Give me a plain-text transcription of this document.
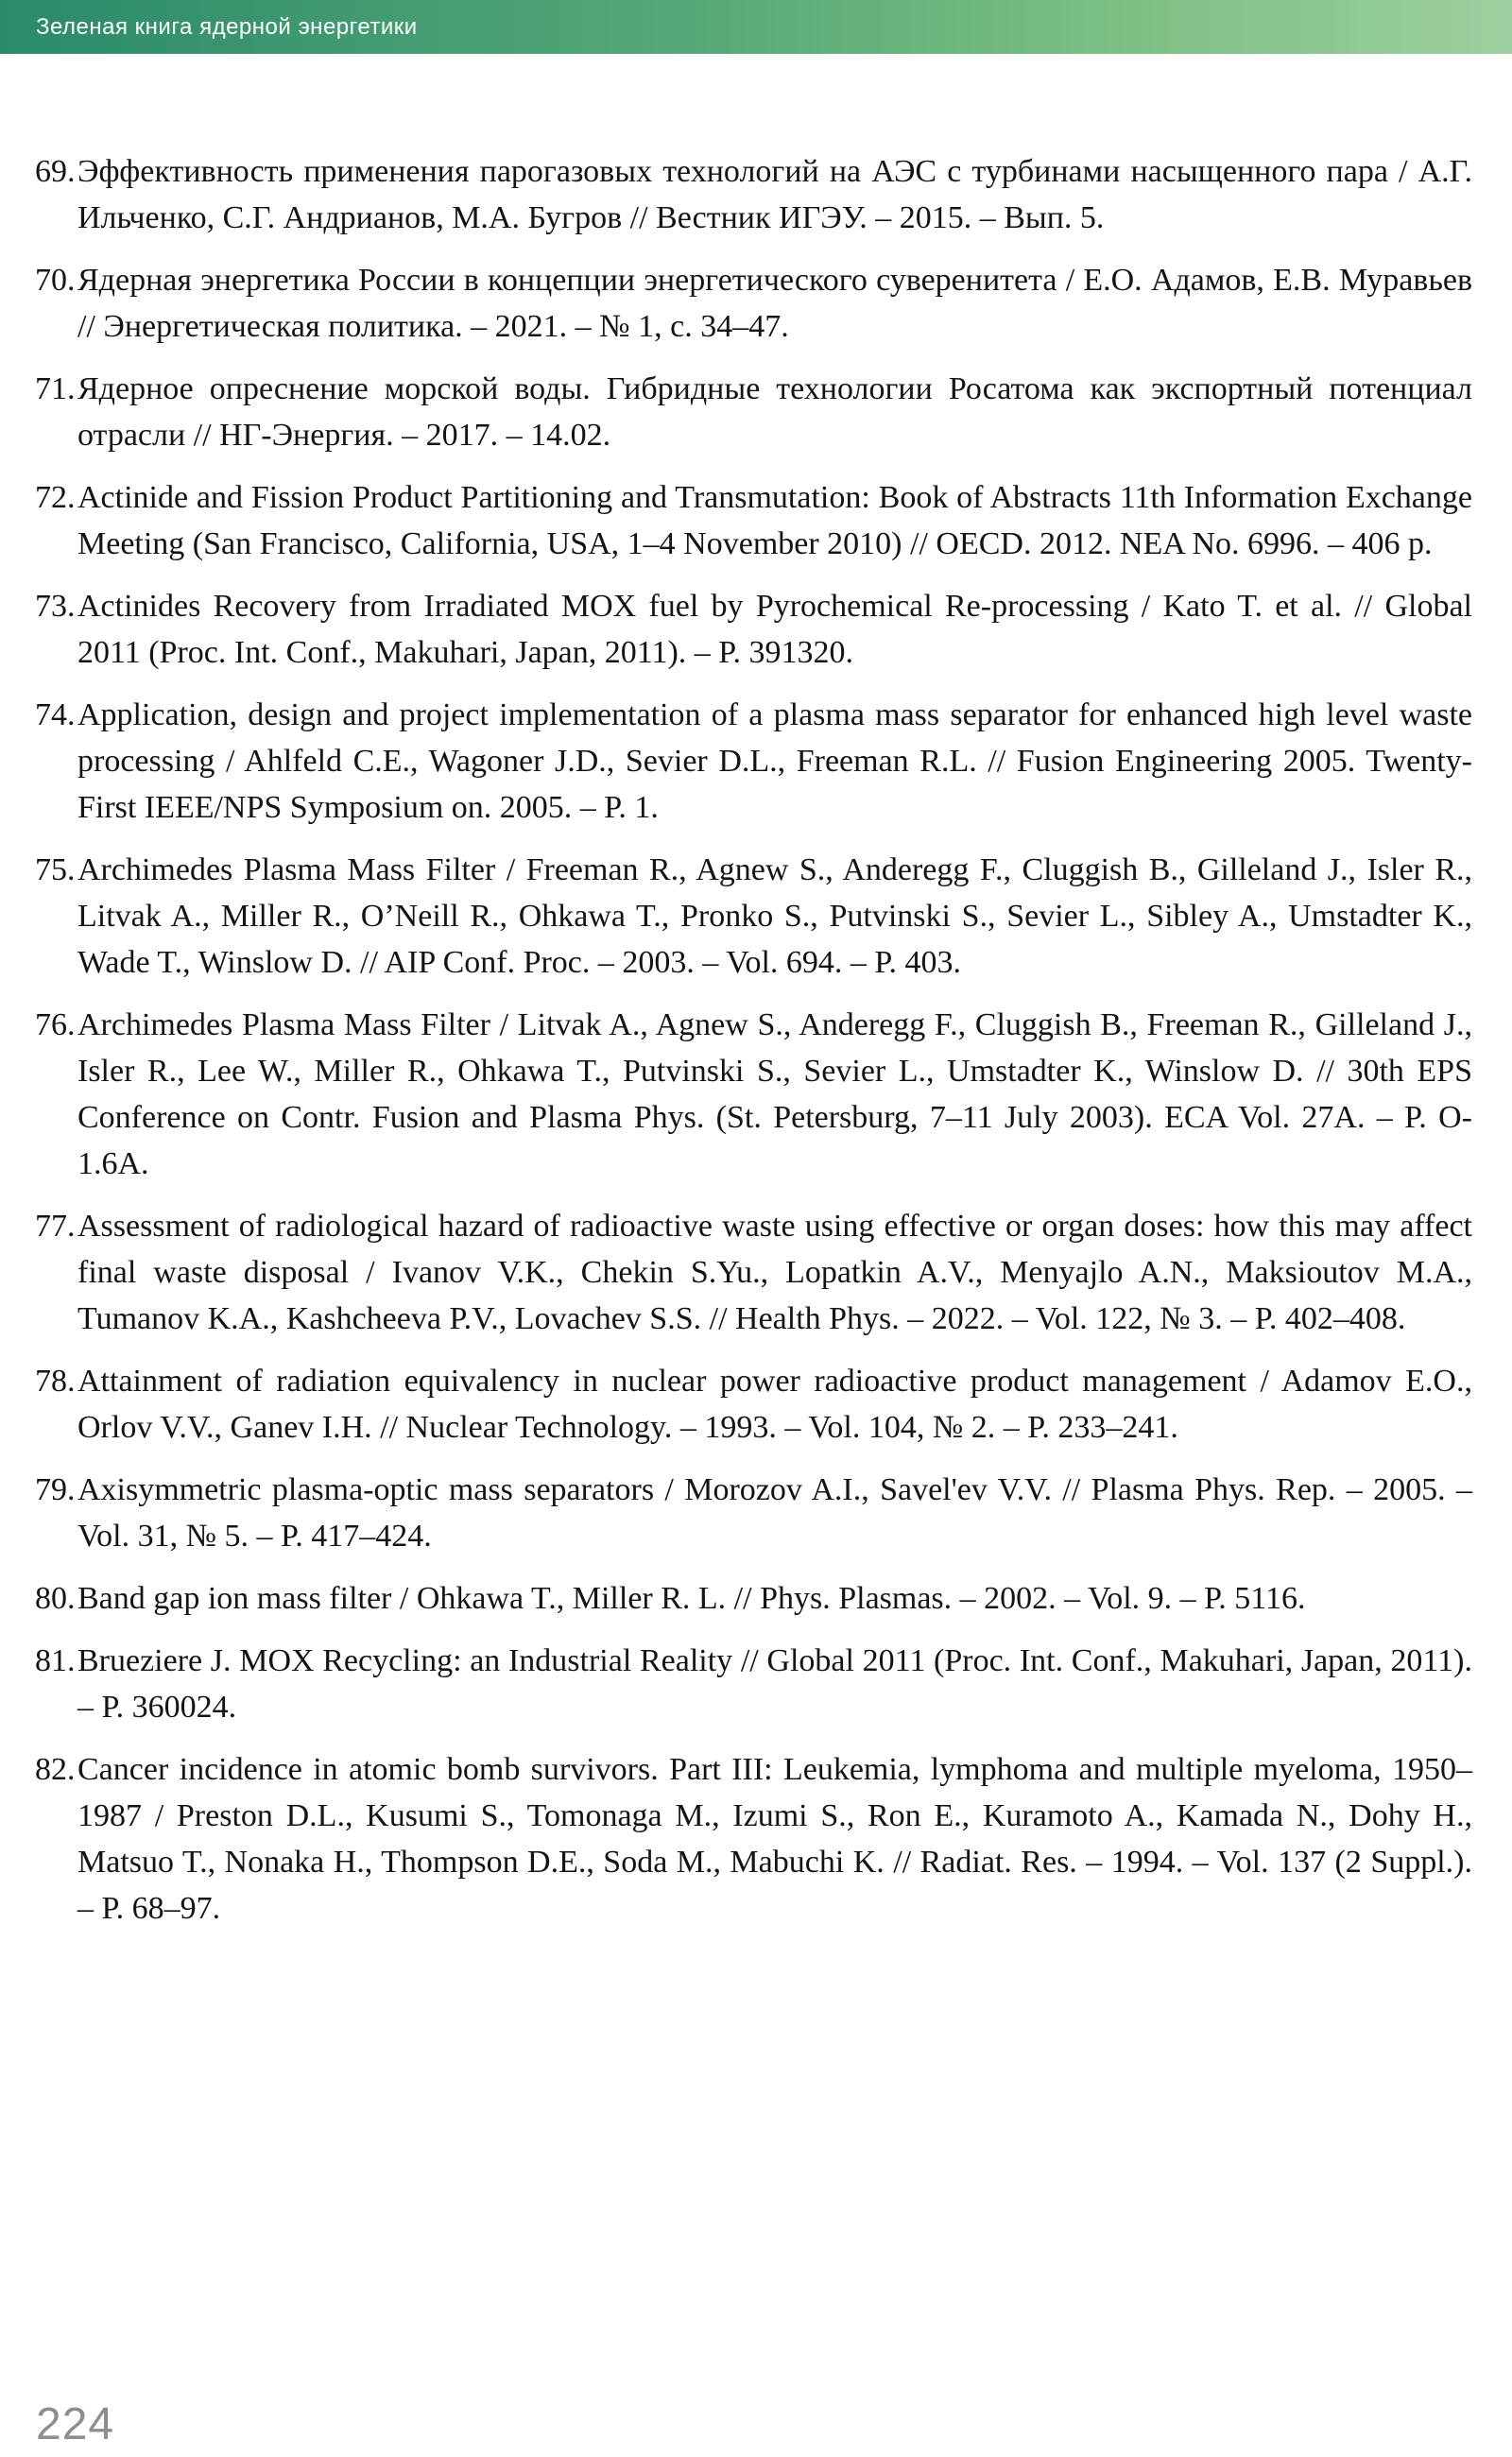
Зеленая книга ядерной энергетики
69. Эффективность применения парогазовых технологий на АЭС с турбинами насыщенного пара / А.Г. Ильченко, С.Г. Андрианов, М.А. Бугров // Вестник ИГЭУ. – 2015. – Вып. 5.

70. Ядерная энергетика России в концепции энергетического суверенитета / Е.О. Адамов, Е.В. Муравьев // Энергетическая политика. – 2021. – № 1, с. 34–47.

71. Ядерное опреснение морской воды. Гибридные технологии Росатома как экспортный потенциал отрасли // НГ-Энергия. – 2017. – 14.02.

72. Actinide and Fission Product Partitioning and Transmutation: Book of Abstracts 11th Information Exchange Meeting (San Francisco, California, USA, 1–4 November 2010) // OECD. 2012. NEA No. 6996. – 406 p.

73. Actinides Recovery from Irradiated MOX fuel by Pyrochemical Re-processing / Kato T. et al. // Global 2011 (Proc. Int. Conf., Makuhari, Japan, 2011). – P. 391320.

74. Application, design and project implementation of a plasma mass separator for enhanced high level waste processing / Ahlfeld C.E., Wagoner J.D., Sevier D.L., Freeman R.L. // Fusion Engineering 2005. Twenty-First IEEE/NPS Symposium on. 2005. – P. 1.

75. Archimedes Plasma Mass Filter / Freeman R., Agnew S., Anderegg F., Cluggish B., Gilleland J., Isler R., Litvak A., Miller R., O’Neill R., Ohkawa T., Pronko S., Putvinski S., Sevier L., Sibley A., Umstadter K., Wade T., Winslow D. // AIP Conf. Proc. – 2003. – Vol. 694. – P. 403.

76. Archimedes Plasma Mass Filter / Litvak A., Agnew S., Anderegg F., Cluggish B., Freeman R., Gilleland J., Isler R., Lee W., Miller R., Ohkawa T., Putvinski S., Sevier L., Umstadter K., Winslow D. // 30th EPS Conference on Contr. Fusion and Plasma Phys. (St. Petersburg, 7–11 July 2003). ECA Vol. 27A. – P. O-1.6A.

77. Assessment of radiological hazard of radioactive waste using effective or organ doses: how this may affect final waste disposal / Ivanov V.K., Chekin S.Yu., Lopatkin A.V., Menyajlo A.N., Maksioutov M.A., Tumanov K.A., Kashcheeva P.V., Lovachev S.S. // Health Phys. – 2022. – Vol. 122, № 3. – P. 402–408.

78. Attainment of radiation equivalency in nuclear power radioactive product management / Adamov E.O., Orlov V.V., Ganev I.H. // Nuclear Technology. – 1993. – Vol. 104, № 2. – P. 233–241.

79. Axisymmetric plasma-optic mass separators / Morozov A.I., Savel'ev V.V. // Plasma Phys. Rep. – 2005. – Vol. 31, № 5. – P. 417–424.

80. Band gap ion mass filter / Ohkawa T., Miller R. L. // Phys. Plasmas. – 2002. – Vol. 9. – P. 5116.

81. Brueziere J. MOX Recycling: an Industrial Reality // Global 2011 (Proc. Int. Conf., Makuhari, Japan, 2011). – P. 360024.

82. Cancer incidence in atomic bomb survivors. Part III: Leukemia, lymphoma and multiple myeloma, 1950–1987 / Preston D.L., Kusumi S., Tomonaga M., Izumi S., Ron E., Kuramoto A., Kamada N., Dohy H., Matsuo T., Nonaka H., Thompson D.E., Soda M., Mabuchi K. // Radiat. Res. – 1994. – Vol. 137 (2 Suppl.). – P. 68–97.

224
